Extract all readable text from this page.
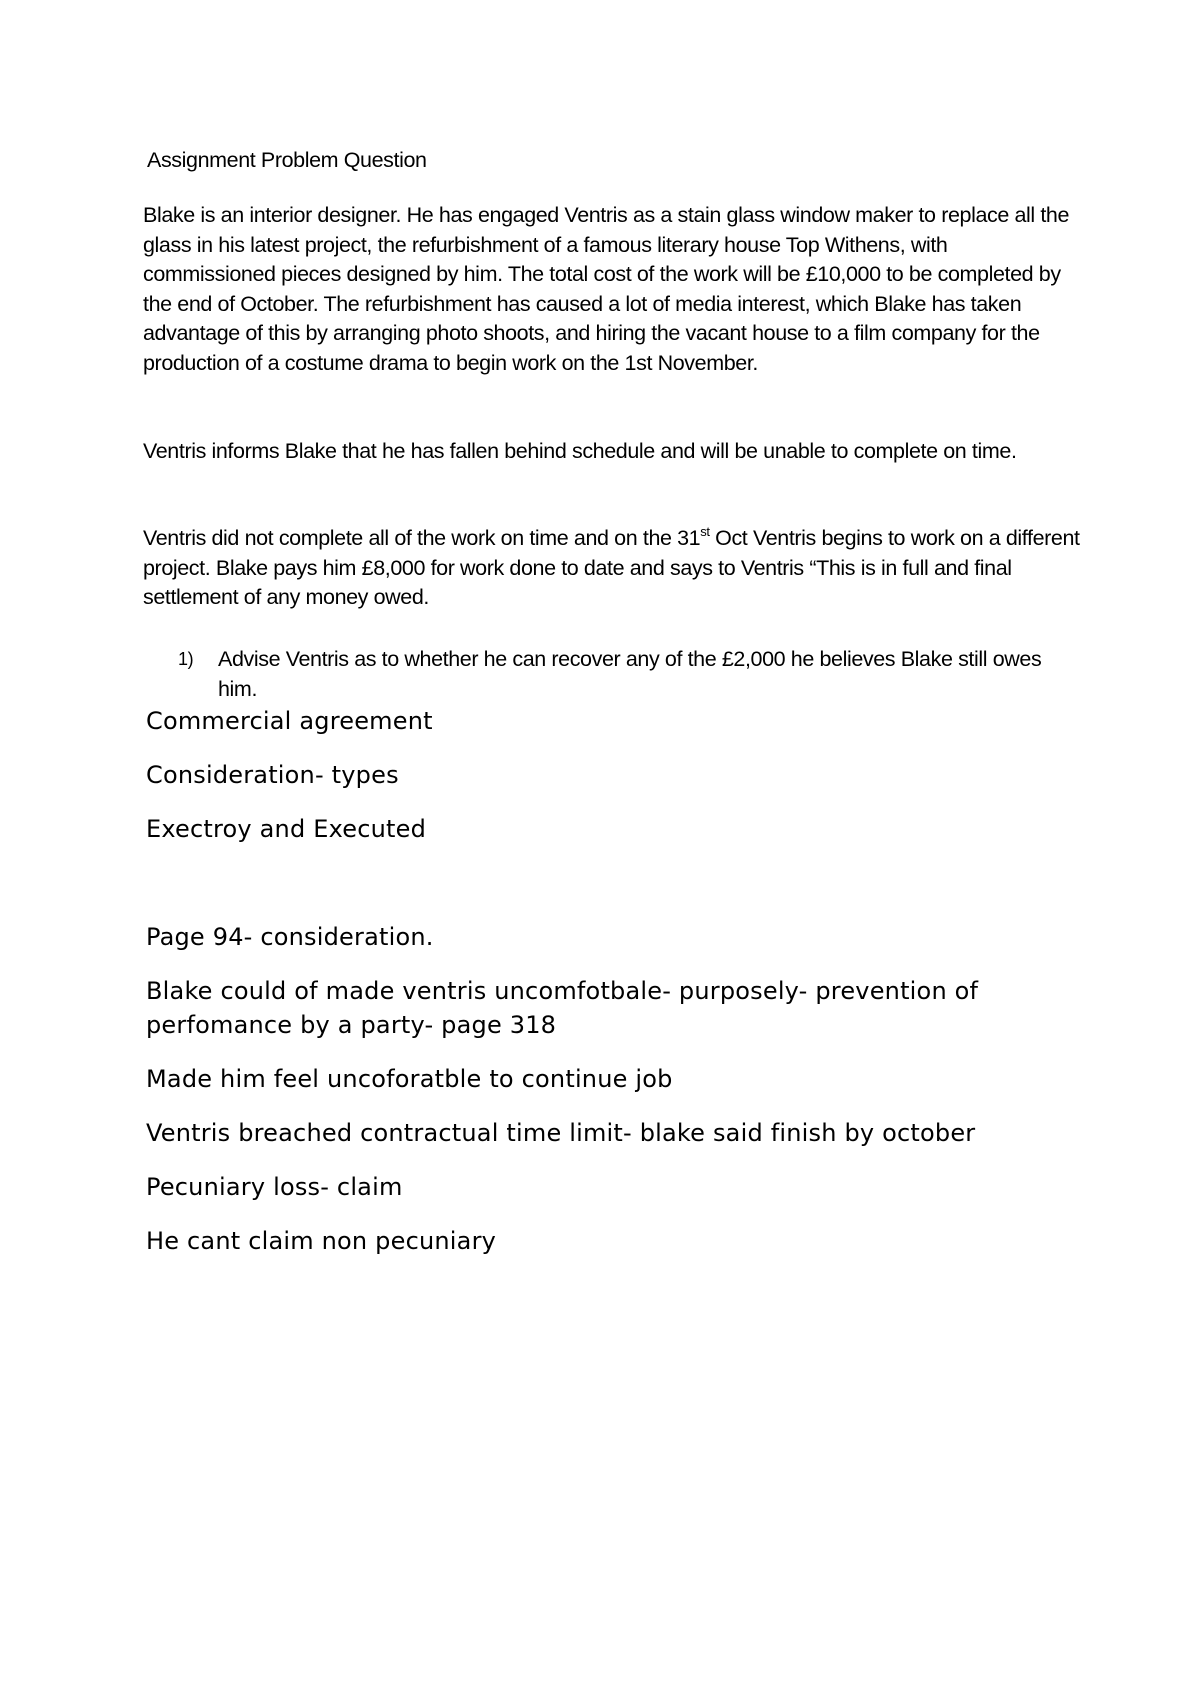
Assignment Problem Question

Blake is an interior designer. He has engaged Ventris as a stain glass window maker to replace all the glass in his latest project, the refurbishment of a famous literary house Top Withens, with commissioned pieces designed by him. The total cost of the work will be £10,000 to be completed by the end of October. The refurbishment has caused a lot of media interest, which Blake has taken advantage of this by arranging photo shoots, and hiring the vacant house to a film company for the production of a costume drama to begin work on the 1st November.

Ventris informs Blake that he has fallen behind schedule and will be unable to complete on time.

Ventris did not complete all of the work on time and on the 31st Oct Ventris begins to work on a different project. Blake pays him £8,000 for work done to date and says to Ventris “This is in full and final settlement of any money owed.

1) Advise Ventris as to whether he can recover any of the £2,000 he believes Blake still owes him.

Commercial agreement

Consideration- types

Exectroy and Executed

Page 94- consideration.

Blake could of made ventris uncomfotbale- purposely- prevention of perfomance by a party- page 318

Made him feel uncoforatble to continue job

Ventris breached contractual time limit- blake said finish by october

Pecuniary loss- claim

He cant claim non pecuniary
